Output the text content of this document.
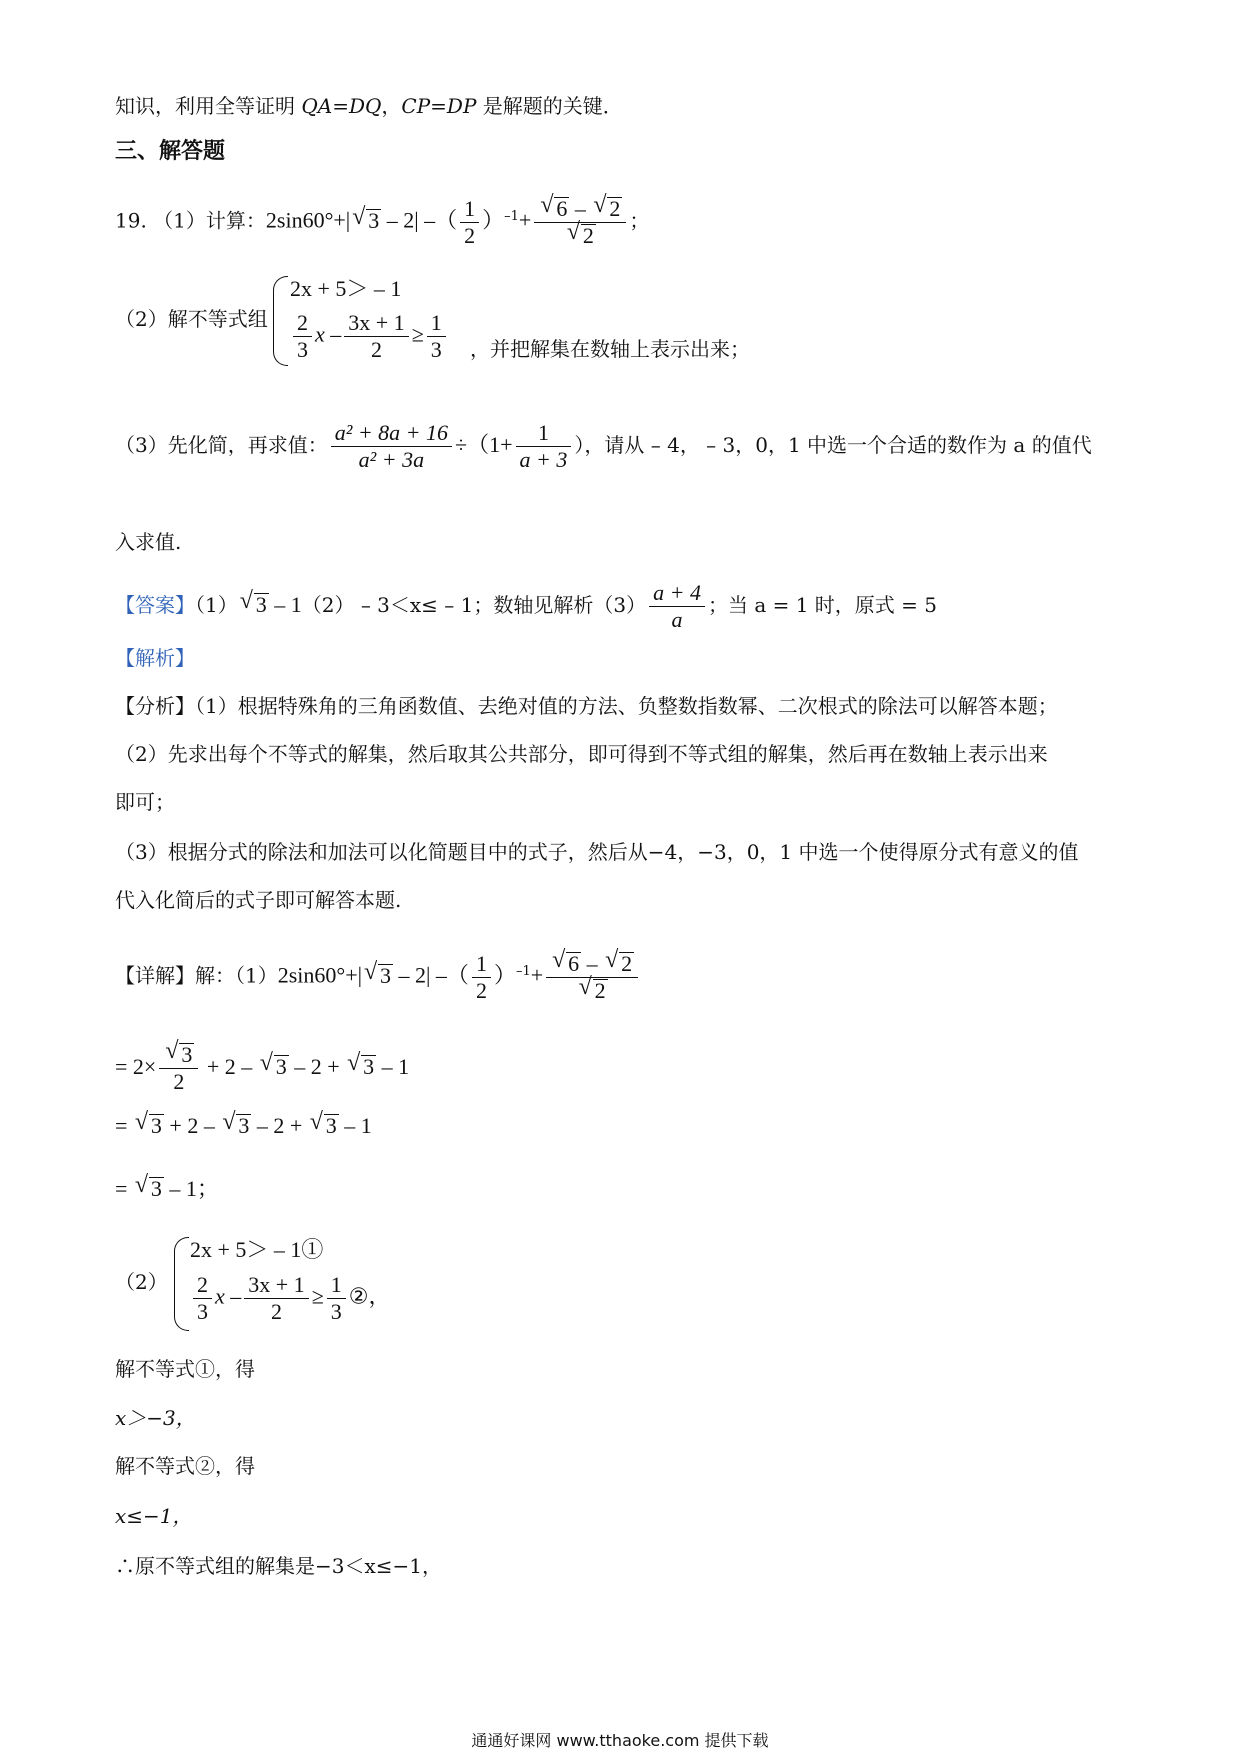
知识，利用全等证明 QA=DQ，CP=DP 是解题的关键．
三、解答题
19. （1）计算：2sin60°+| √ 3 – 2| –（ $\frac{1}{2} )^{-1}+$ √ 6 – √ 2
√ 2 ；
（2）解不等式组
2x + 5＞ – 1
$\frac{2}{3}$ $x - \frac{3x + 1}{2} \ge \frac{1}{3}$ ，并把解集在数轴上表示出来；
（3）先化简，再求值： $\frac{\text{a² + 8a + 16}}{\text{a² + 3a}} \div(1+ \frac{1}{a + 3}$ ），请从 – 4， – 3，0，1 中选一个合适的数作为 a 的值代
入求值.
【答案】（1） √ 3 – 1（2） – 3＜x≤ – 1；数轴见解析$(3) \frac{a + 4}{a}$ ；当 a = 1 时，原式 = 5
【解析】
【分析】（1）根据特殊角的三角函数值、去绝对值的方法、负整数指数幂、二次根式的除法可以解答本题；
（2）先求出每个不等式的解集，然后取其公共部分，即可得到不等式组的解集，然后再在数轴上表示出来
即可；
（3）根据分式的除法和加法可以化简题目中的式子，然后从−4，−3，0，1 中选一个使得原分式有意义的值
代入化简后的式子即可解答本题.
【详解】解：（1）2sin60°+| √ 3 – 2| –（ $\frac{1}{2} )^{-1}+$ √ 6 – √ 2
√ 2
= 2× √ $\frac{3}{2} + 2$ – √ 3 – 2 + √ 3 – 1
= √ 3 + 2 – √ 3 – 2 + √ 3 – 1
= √ 3 – 1；
（2）
2x + 5＞ – 1①
$\frac{2}{3}$ $x - \frac{3x + 1}{2} \ge \frac{1}{3}$ ②，
解不等式①，得
x＞−3，
解不等式②，得
x≤−1，
∴原不等式组的解集是−3＜x≤−1，
通通好课网 www.tthaoke.com 提供下载
